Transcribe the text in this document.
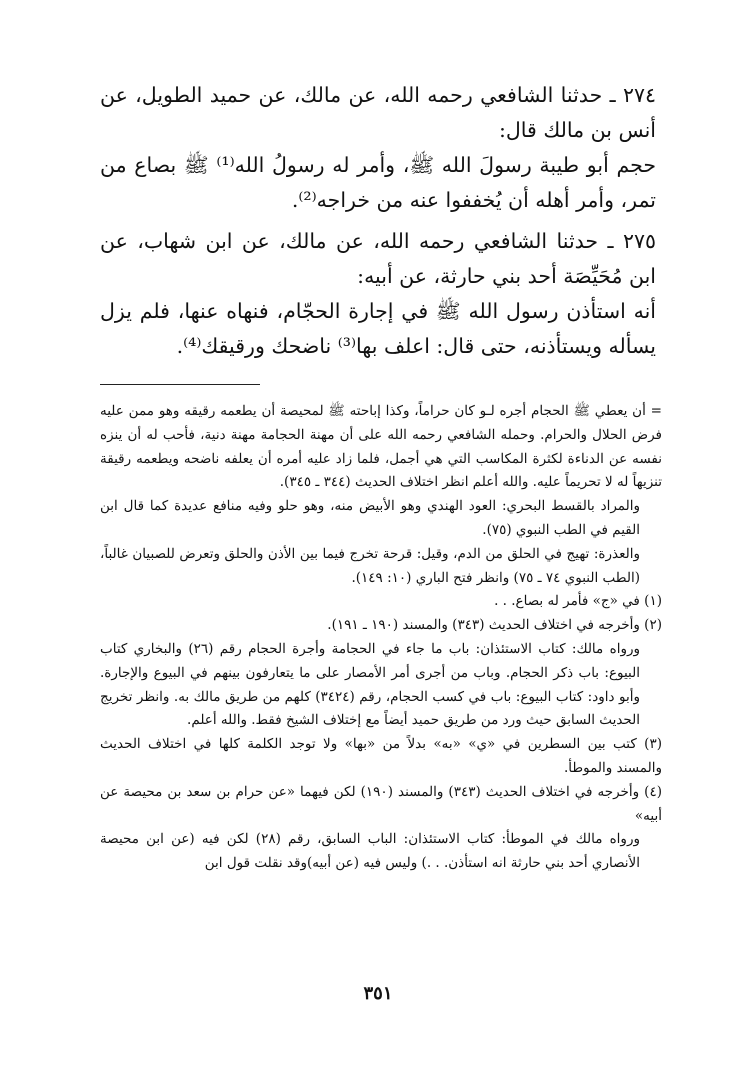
٢٧٤ ـ حدثنا الشافعي رحمه الله، عن مالك، عن حميد الطويل، عن أنس بن مالك قال:

حجم أبو طيبة رسولَ الله ﷺ، وأمر له رسولُ الله⁽¹⁾ ﷺ بصاع من تمر، وأمر أهله أن يُخففوا عنه من خراجه⁽²⁾.

٢٧٥ ـ حدثنا الشافعي رحمه الله، عن مالك، عن ابن شهاب، عن ابن مُحَيِّصَة أحد بني حارثة، عن أبيه:

أنه استأذن رسول الله ﷺ في إجارة الحجّام، فنهاه عنها، فلم يزل يسأله ويستأذنه، حتى قال: اعلف بها⁽³⁾ ناضحك ورقيقك⁽⁴⁾.

= أن يعطي ﷺ الحجام أجره لـو كان حراماً، وكذا إباحته ﷺ لمحيصة أن يطعمه رقيقه وهو ممن عليه فرض الحلال والحرام. وحمله الشافعي رحمه الله على أن مهنة الحجامة مهنة دنية، فأحب له أن ينزه نفسه عن الدناءة لكثرة المكاسب التي هي أجمل، فلما زاد عليه أمره أن يعلفه ناضحه ويطعمه رقيقة تنزيهاً له لا تحريماً عليه. والله أعلم انظر اختلاف الحديث (٣٤٤ ـ ٣٤٥).

والمراد بالقسط البحري: العود الهندي وهو الأبيض منه، وهو حلو وفيه منافع عديدة كما قال ابن القيم في الطب النبوي (٧٥).

والعذرة: تهيج في الحلق من الدم، وقيل: قرحة تخرج فيما بين الأذن والحلق وتعرض للصبيان غالباً، (الطب النبوي ٧٤ ـ ٧٥) وانظر فتح الباري (١٠: ١٤٩).

(١) في «ج» فأمر له بصاع. . .

(٢) وأخرجه في اختلاف الحديث (٣٤٣) والمسند (١٩٠ ـ ١٩١).

ورواه مالك: كتاب الاستئذان: باب ما جاء في الحجامة وأجرة الحجام رقم (٢٦) والبخاري كتاب البيوع: باب ذكر الحجام. وباب من أجرى أمر الأمصار على ما يتعارفون بينهم في البيوع والإجارة. وأبو داود: كتاب البيوع: باب في كسب الحجام، رقم (٣٤٢٤) كلهم من طريق مالك به. وانظر تخريج الحديث السابق حيث ورد من طريق حميد أيضاً مع إختلاف الشيخ فقط. والله أعلم.

(٣) كتب بين السطرين في «ي» «به» بدلاً من «بها» ولا توجد الكلمة كلها في اختلاف الحديث والمسند والموطأ.

(٤) وأخرجه في اختلاف الحديث (٣٤٣) والمسند (١٩٠) لكن فيهما «عن حرام بن سعد بن محيصة عن أبيه»

ورواه مالك في الموطأ: كتاب الاستئذان: الباب السابق، رقم (٢٨) لكن فيه (عن ابن محيصة الأنصاري أحد بني حارثة انه استأذن. . .) وليس فيه (عن أبيه)وقد نقلت قول ابن

٣٥١
